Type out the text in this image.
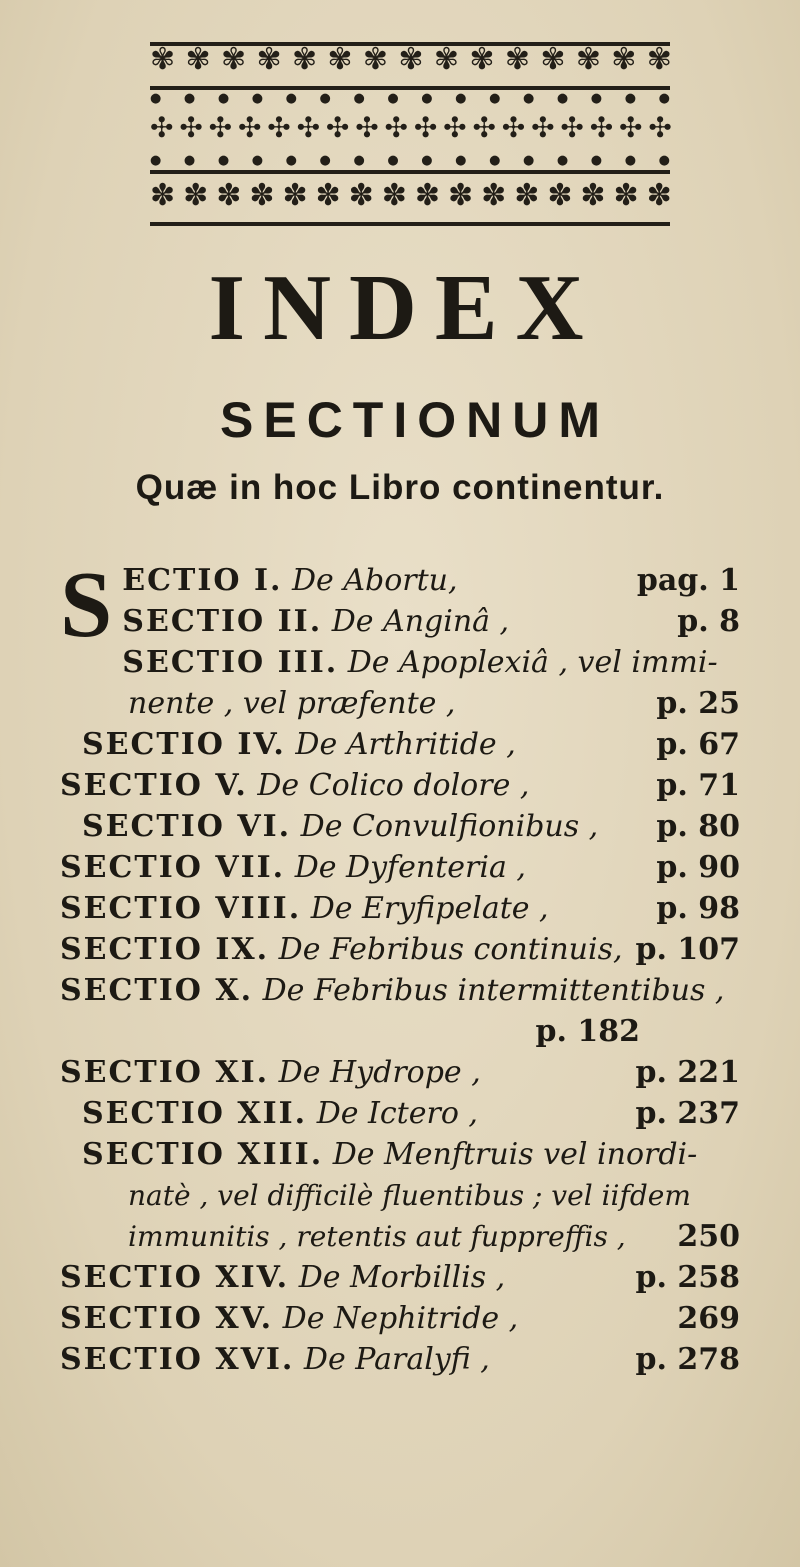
✾ ✾ ✾ ✾ ✾ ✾ ✾ ✾ ✾ ✾ ✾ ✾ ✾ ✾ ✾
● ● ● ● ● ● ● ● ● ● ● ● ● ● ● ●
✣ ✣ ✣ ✣ ✣ ✣ ✣ ✣ ✣ ✣ ✣ ✣ ✣ ✣ ✣ ✣ ✣ ✣
● ● ● ● ● ● ● ● ● ● ● ● ● ● ● ●
✽ ✽ ✽ ✽ ✽ ✽ ✽ ✽ ✽ ✽ ✽ ✽ ✽ ✽ ✽ ✽
INDEX
SECTIONUM
Quæ in hoc Libro continentur.
S ECTIO I. De Abortu,	pag. 1
SECTIO II. De Anginâ ,	p. 8
SECTIO III. De Apoplexiâ , vel immi-
nente , vel præfente ,	p. 25
SECTIO IV. De Arthritide ,	p. 67
SECTIO V. De Colico dolore ,	p. 71
SECTIO VI. De Convulfionibus , p. 80
SECTIO VII. De Dyfenteria ,	p. 90
SECTIO VIII. De Eryfipelate ,	p. 98
SECTIO IX. De Febribus continuis, p. 107
SECTIO X. De Febribus intermittentibus ,
p. 182
SECTIO XI. De Hydrope ,	p. 221
SECTIO XII. De Ictero ,	p. 237
SECTIO XIII. De Menftruis vel inordi-
natè , vel difficilè fluentibus ; vel iifdem
immunitis , retentis aut fuppreffis , 250
SECTIO XIV. De Morbillis ,	p. 258
SECTIO XV. De Nephitride ,	269
SECTIO XVI. De Paralyfi ,	p. 278
